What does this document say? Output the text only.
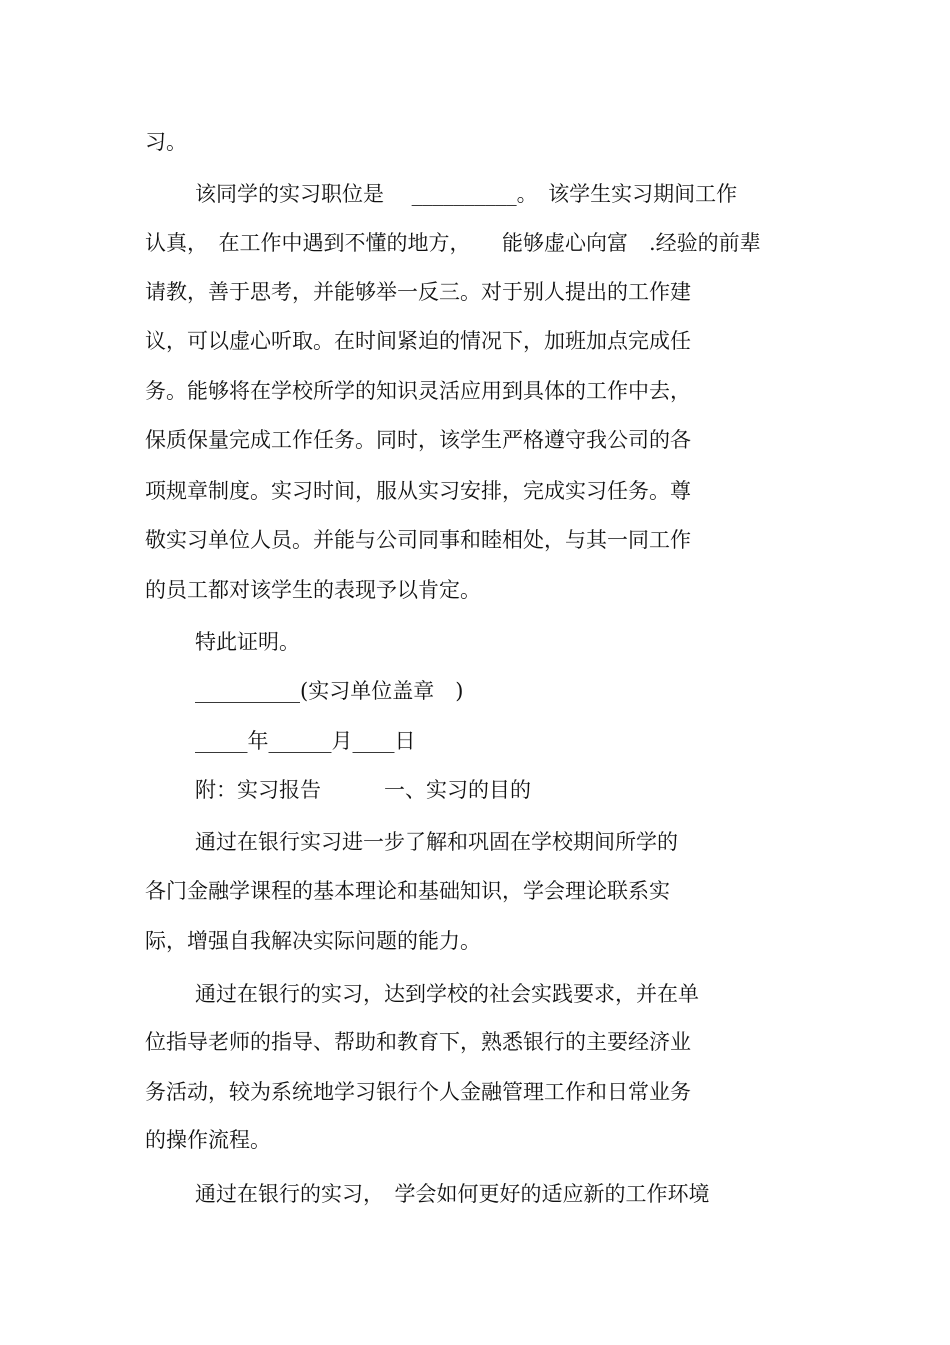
习。
该同学的实习职位是　 __________。　该学生实习期间工作
认真，　在工作中遇到不懂的地方，　　能够虚心向富　.经验的前辈
请教，善于思考，并能够举一反三。对于别人提出的工作建
议，可以虚心听取。在时间紧迫的情况下，加班加点完成任
务。能够将在学校所学的知识灵活应用到具体的工作中去，
保质保量完成工作任务。同时，该学生严格遵守我公司的各
项规章制度。实习时间，服从实习安排，完成实习任务。尊
敬实习单位人员。并能与公司同事和睦相处，与其一同工作
的员工都对该学生的表现予以肯定。
特此证明。
__________(实习单位盖章　)
_____年______月____日
附：实习报告　　　一、实习的目的
通过在银行实习进一步了解和巩固在学校期间所学的
各门金融学课程的基本理论和基础知识，学会理论联系实
际，增强自我解决实际问题的能力。
通过在银行的实习，达到学校的社会实践要求，并在单
位指导老师的指导、帮助和教育下，熟悉银行的主要经济业
务活动，较为系统地学习银行个人金融管理工作和日常业务
的操作流程。
通过在银行的实习，　学会如何更好的适应新的工作环境
